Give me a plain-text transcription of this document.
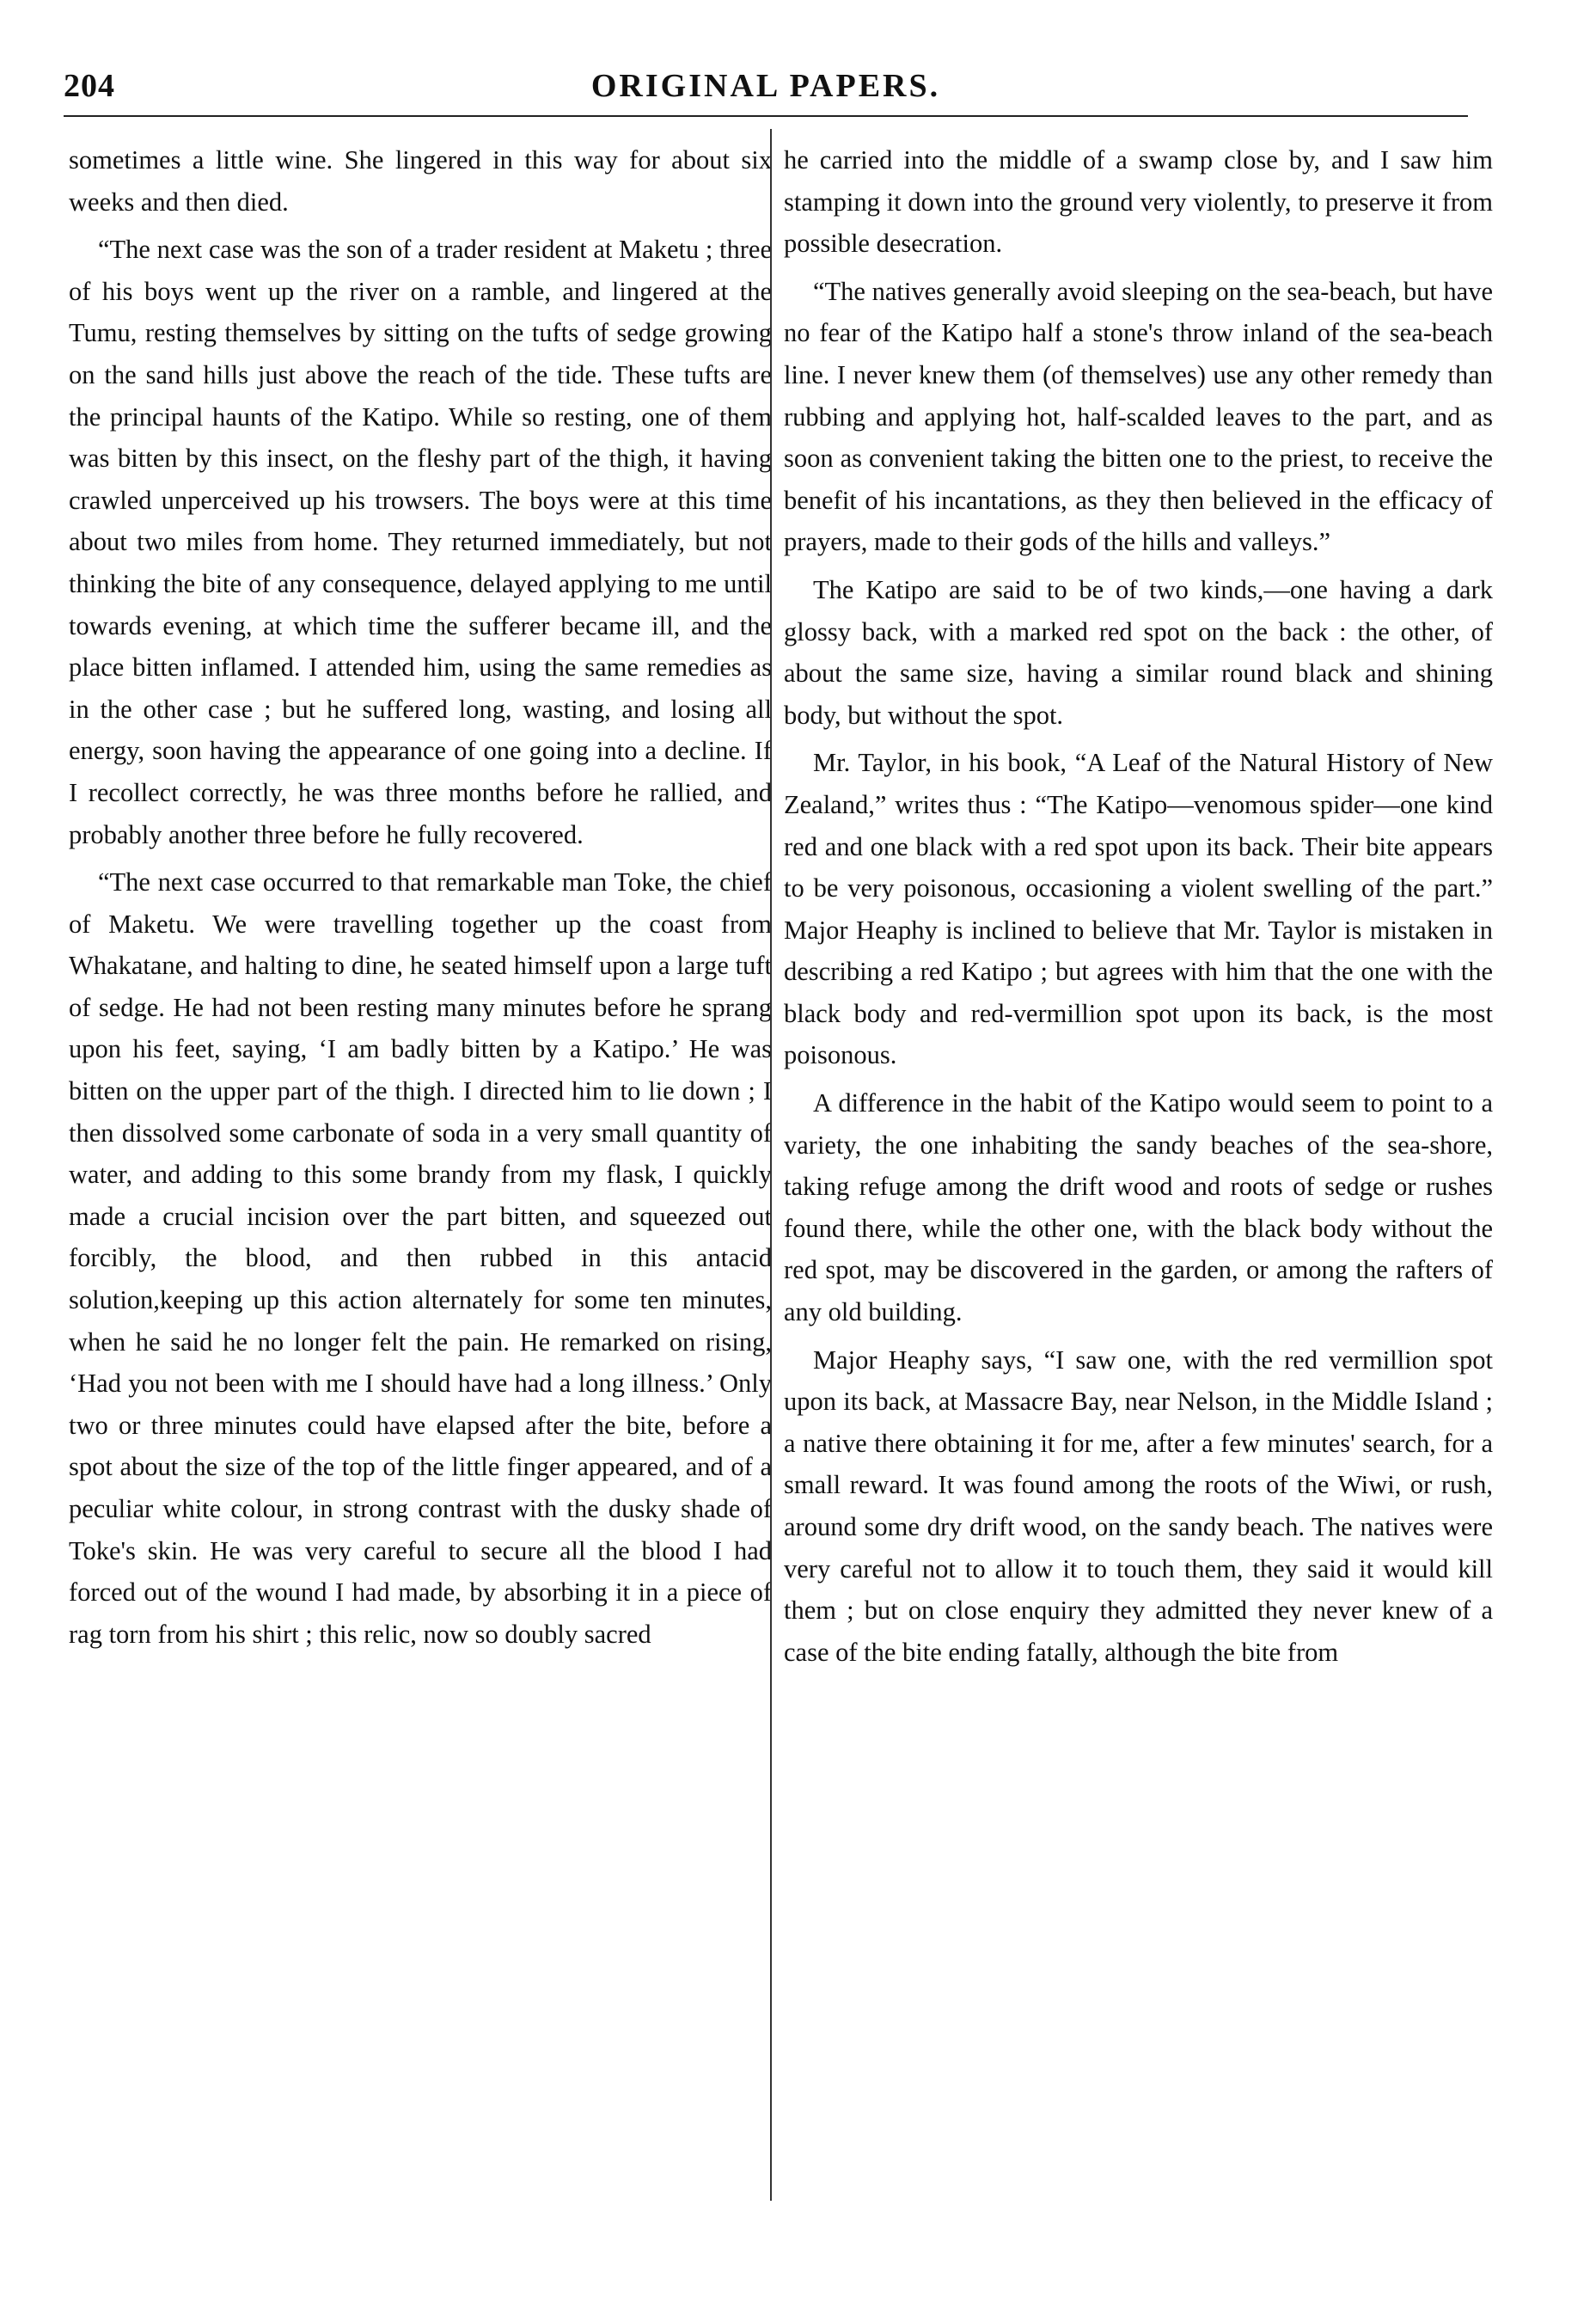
204	ORIGINAL PAPERS.

sometimes a little wine. She lingered in this way for about six weeks and then died.

“The next case was the son of a trader resident at Maketu ; three of his boys went up the river on a ramble, and lingered at the Tumu, resting themselves by sitting on the tufts of sedge growing on the sand hills just above the reach of the tide. These tufts are the principal haunts of the Katipo. While so resting, one of them was bitten by this insect, on the fleshy part of the thigh, it having crawled unperceived up his trowsers. The boys were at this time about two miles from home. They returned immediately, but not thinking the bite of any consequence, delayed applying to me until towards evening, at which time the sufferer became ill, and the place bitten inflamed. I attended him, using the same remedies as in the other case ; but he suffered long, wasting, and losing all energy, soon having the appearance of one going into a decline. If I recollect correctly, he was three months before he rallied, and probably another three before he fully recovered.

“The next case occurred to that remarkable man Toke, the chief of Maketu. We were travelling together up the coast from Whakatane, and halting to dine, he seated himself upon a large tuft of sedge. He had not been resting many minutes before he sprang upon his feet, saying, ‘I am badly bitten by a Katipo.’ He was bitten on the upper part of the thigh. I directed him to lie down ; I then dissolved some carbonate of soda in a very small quantity of water, and adding to this some brandy from my flask, I quickly made a crucial incision over the part bitten, and squeezed out forcibly, the blood, and then rubbed in this antacid solution,keeping up this action alternately for some ten minutes, when he said he no longer felt the pain. He remarked on rising, ‘Had you not been with me I should have had a long illness.’ Only two or three minutes could have elapsed after the bite, before a spot about the size of the top of the little finger appeared, and of a peculiar white colour, in strong contrast with the dusky shade of Toke's skin. He was very careful to secure all the blood I had forced out of the wound I had made, by absorbing it in a piece of rag torn from his shirt ; this relic, now so doubly sacred

he carried into the middle of a swamp close by, and I saw him stamping it down into the ground very violently, to preserve it from possible desecration.

“The natives generally avoid sleeping on the sea-beach, but have no fear of the Katipo half a stone's throw inland of the sea-beach line. I never knew them (of themselves) use any other remedy than rubbing and applying hot, half-scalded leaves to the part, and as soon as convenient taking the bitten one to the priest, to receive the benefit of his incantations, as they then believed in the efficacy of prayers, made to their gods of the hills and valleys.”

The Katipo are said to be of two kinds,—one having a dark glossy back, with a marked red spot on the back : the other, of about the same size, having a similar round black and shining body, but without the spot.

Mr. Taylor, in his book, “A Leaf of the Natural History of New Zealand,” writes thus : “The Katipo—venomous spider—one kind red and one black with a red spot upon its back. Their bite appears to be very poisonous, occasioning a violent swelling of the part.” Major Heaphy is inclined to believe that Mr. Taylor is mistaken in describing a red Katipo ; but agrees with him that the one with the black body and red-vermillion spot upon its back, is the most poisonous.

A difference in the habit of the Katipo would seem to point to a variety, the one inhabiting the sandy beaches of the sea-shore, taking refuge among the drift wood and roots of sedge or rushes found there, while the other one, with the black body without the red spot, may be discovered in the garden, or among the rafters of any old building.

Major Heaphy says, “I saw one, with the red vermillion spot upon its back, at Massacre Bay, near Nelson, in the Middle Island ; a native there obtaining it for me, after a few minutes' search, for a small reward. It was found among the roots of the Wiwi, or rush, around some dry drift wood, on the sandy beach. The natives were very careful not to allow it to touch them, they said it would kill them ; but on close enquiry they admitted they never knew of a case of the bite ending fatally, although the bite from
